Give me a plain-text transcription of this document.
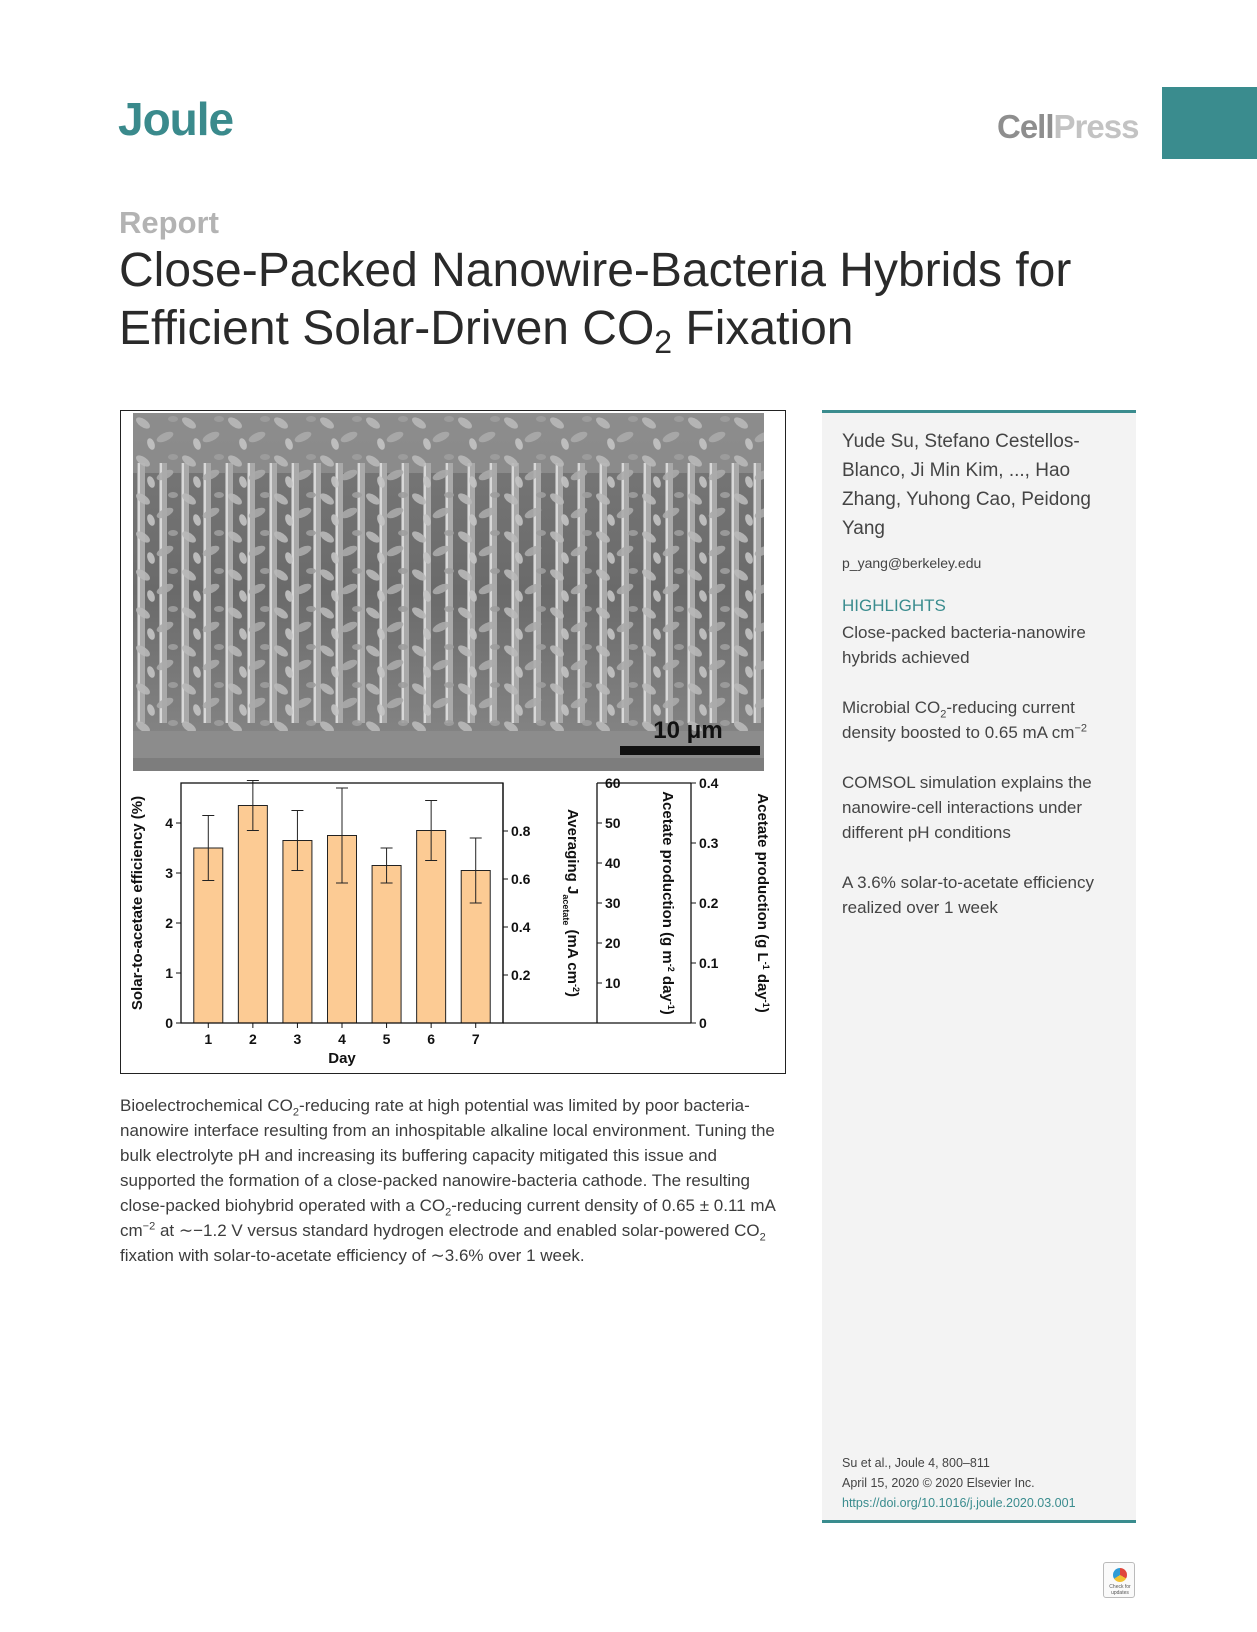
Joule	CellPress
Report
Close-Packed Nanowire-Bacteria Hybrids for
Efficient Solar-Driven $CO_2$ Fixation
10 μm
1	2	3	4	5	6	7
0
1
2
3
4
Solar-to-acetate efficiency (%)
Day
0.2
0.4
0.6
0.8
10
20
30
40
50
60
0
0.1
0.2
0.3
0.4
Averaging $J_{acetate}$ (mA $cm^{-2}$)
Acetate production (g $m^{-2}$ day$^{-1}$)
Acetate production (g $L^{-1}$ day$^{-1}$)

Bioelectrochemical $CO_2$-reducing rate at high potential was limited by poor bacteria-nanowire interface resulting from an inhospitable alkaline local environment. Tuning the bulk electrolyte pH and increasing its buffering capacity mitigated this issue and supported the formation of a close-packed nanowire-bacteria cathode. The resulting close-packed biohybrid operated with a $CO_2$-reducing current density of 0.65 ± 0.11 mA $cm^{-2}$ at ∼−1.2 V versus standard hydrogen electrode and enabled solar-powered $CO_2$ fixation with solar-to-acetate efficiency of ∼3.6% over 1 week.

Yude Su, Stefano Cestellos-Blanco, Ji Min Kim, ..., Hao Zhang, Yuhong Cao, Peidong Yang
p_yang@berkeley.edu
HIGHLIGHTS
Close-packed bacteria-nanowire hybrids achieved
Microbial $CO_2$-reducing current density boosted to 0.65 mA $cm^{-2}$
COMSOL simulation explains the nanowire-cell interactions under different pH conditions
A 3.6% solar-to-acetate efficiency realized over 1 week
Su et al., Joule 4, 800–811
April 15, 2020 © 2020 Elsevier Inc.
https://doi.org/10.1016/j.joule.2020.03.001
Check for
updates
